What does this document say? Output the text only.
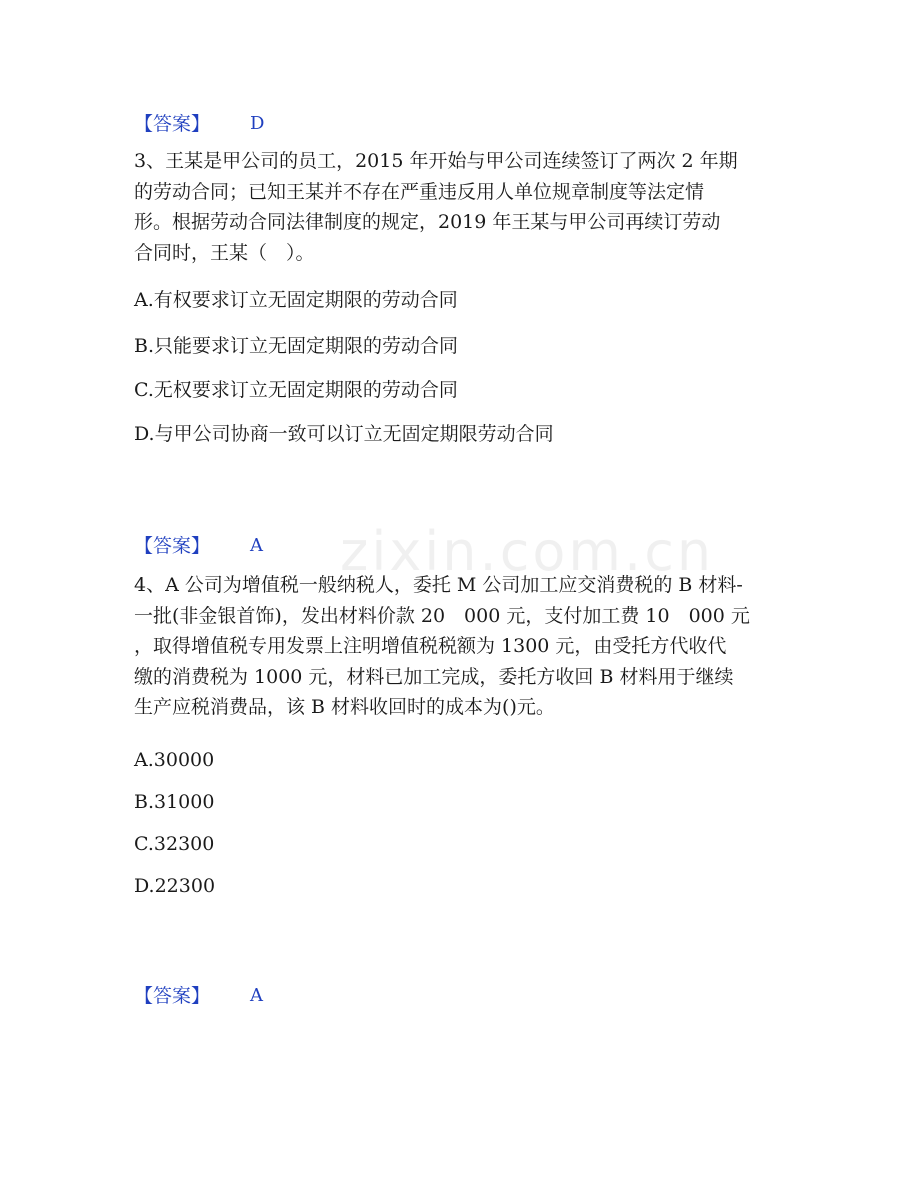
zixin.com.cn
【答案】 D
3、王某是甲公司的员工，2015 年开始与甲公司连续签订了两次 2 年期
的劳动合同；已知王某并不存在严重违反用人单位规章制度等法定情
形。根据劳动合同法律制度的规定，2019 年王某与甲公司再续订劳动
合同时，王某（　）。
A.有权要求订立无固定期限的劳动合同
B.只能要求订立无固定期限的劳动合同
C.无权要求订立无固定期限的劳动合同
D.与甲公司协商一致可以订立无固定期限劳动合同
【答案】 A
4、A 公司为增值税一般纳税人，委托 M 公司加工应交消费税的 B 材料-
一批(非金银首饰)，发出材料价款 20　000 元，支付加工费 10　000 元
，取得增值税专用发票上注明增值税税额为 1300 元，由受托方代收代
缴的消费税为 1000 元，材料已加工完成，委托方收回 B 材料用于继续
生产应税消费品，该 B 材料收回时的成本为()元。
A.30000
B.31000
C.32300
D.22300
【答案】 A
